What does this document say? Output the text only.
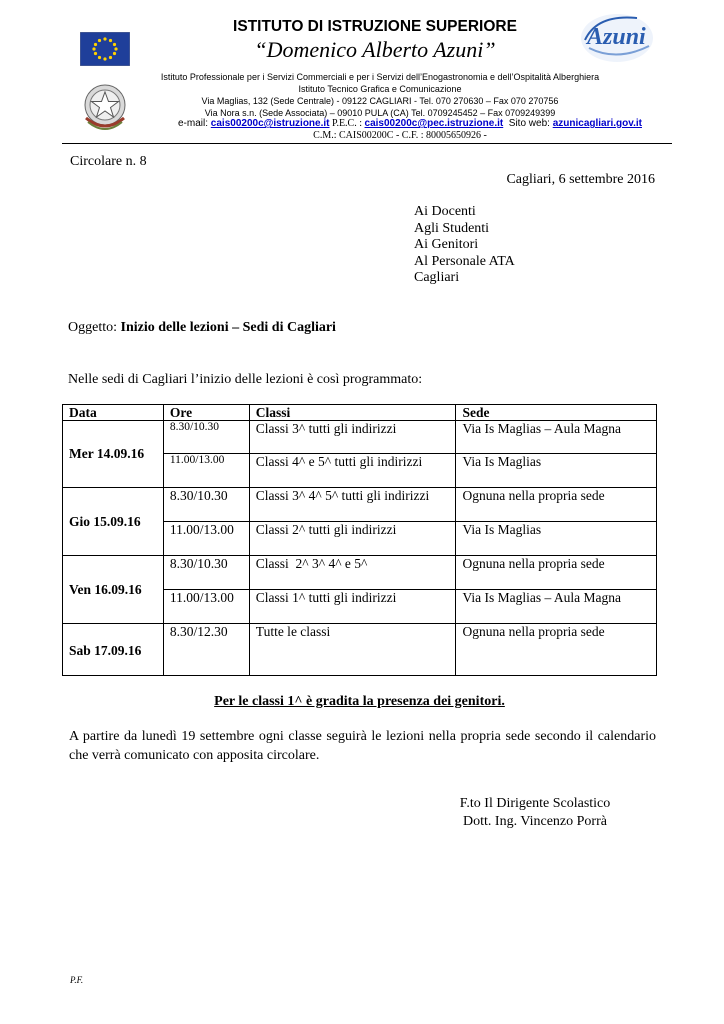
Azuni
ISTITUTO DI ISTRUZIONE SUPERIORE
“Domenico Alberto Azuni”
Istituto Professionale per i Servizi Commerciali e per i Servizi dell’Enogastronomia e dell’Ospitalità Alberghiera
Istituto Tecnico Grafica e Comunicazione
Via Maglias, 132 (Sede Centrale) - 09122 CAGLIARI - Tel. 070 270630 – Fax 070 270756
Via Nora s.n. (Sede Associata) – 09010 PULA (CA) Tel. 0709245452 – Fax 0709249399
e-mail: cais00200c@istruzione.it P.E.C. : cais00200c@pec.istruzione.it  Sito web: azunicagliari.gov.it
C.M.: CAIS00200C - C.F. : 80005650926 -
Circolare n. 8
Cagliari, 6 settembre 2016
Ai Docenti
Agli Studenti
Ai Genitori
Al Personale ATA
Cagliari
Oggetto: Inizio delle lezioni – Sedi di Cagliari
Nelle sedi di Cagliari l’inizio delle lezioni è così programmato:
Data	Ore	Classi	Sede
Mer 14.09.16	8.30/10.30	Classi 3^ tutti gli indirizzi	Via Is Maglias – Aula Magna
	11.00/13.00	Classi 4^ e 5^ tutti gli indirizzi	Via Is Maglias
Gio 15.09.16	8.30/10.30	Classi 3^ 4^ 5^ tutti gli indirizzi	Ognuna nella propria sede
	11.00/13.00	Classi 2^ tutti gli indirizzi	Via Is Maglias
Ven 16.09.16	8.30/10.30	Classi  2^ 3^ 4^ e 5^	Ognuna nella propria sede
	11.00/13.00	Classi 1^ tutti gli indirizzi	Via Is Maglias – Aula Magna
Sab 17.09.16	8.30/12.30	Tutte le classi	Ognuna nella propria sede
Per le classi 1^ è gradita la presenza dei genitori.
A partire da lunedì 19 settembre ogni classe seguirà le lezioni nella propria sede secondo il calendario che verrà comunicato con apposita circolare.
F.to Il Dirigente Scolastico
Dott. Ing. Vincenzo Porrà
P.F.
